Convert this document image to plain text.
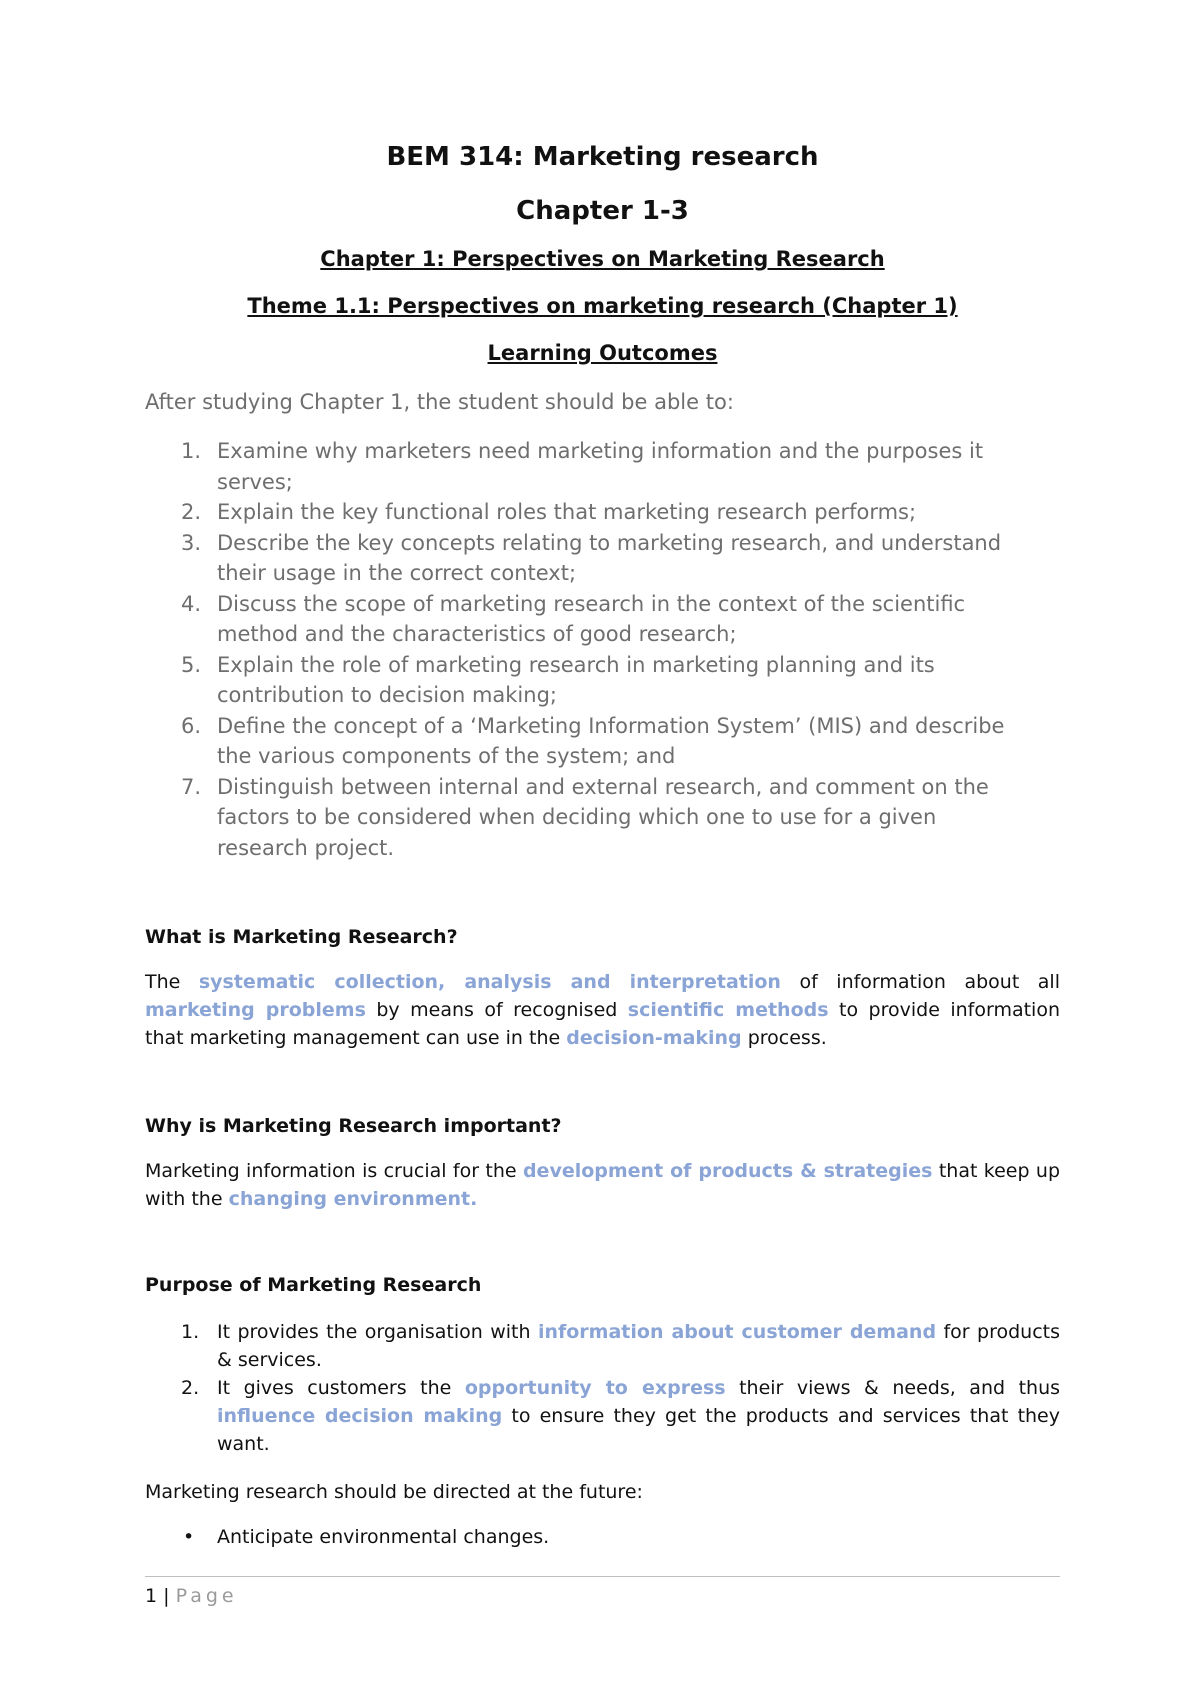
BEM 314: Marketing research
Chapter 1-3
Chapter 1: Perspectives on Marketing Research
Theme 1.1: Perspectives on marketing research (Chapter 1)
Learning Outcomes
After studying Chapter 1, the student should be able to:
1. Examine why marketers need marketing information and the purposes it
serves;
2. Explain the key functional roles that marketing research performs;
3. Describe the key concepts relating to marketing research, and understand
their usage in the correct context;
4. Discuss the scope of marketing research in the context of the scientific
method and the characteristics of good research;
5. Explain the role of marketing research in marketing planning and its
contribution to decision making;
6. Define the concept of a ‘Marketing Information System’ (MIS) and describe
the various components of the system; and
7. Distinguish between internal and external research, and comment on the
factors to be considered when deciding which one to use for a given
research project.
What is Marketing Research?
The systematic collection, analysis and interpretation of information about all marketing problems by means of recognised scientific methods to provide information that marketing management can use in the decision-making process.
Why is Marketing Research important?
Marketing information is crucial for the development of products & strategies that keep up with the changing environment.
Purpose of Marketing Research
1. It provides the organisation with information about customer demand for products & services.
2. It gives customers the opportunity to express their views & needs, and thus influence decision making to ensure they get the products and services that they want.
Marketing research should be directed at the future:
• Anticipate environmental changes.
1 | Page
